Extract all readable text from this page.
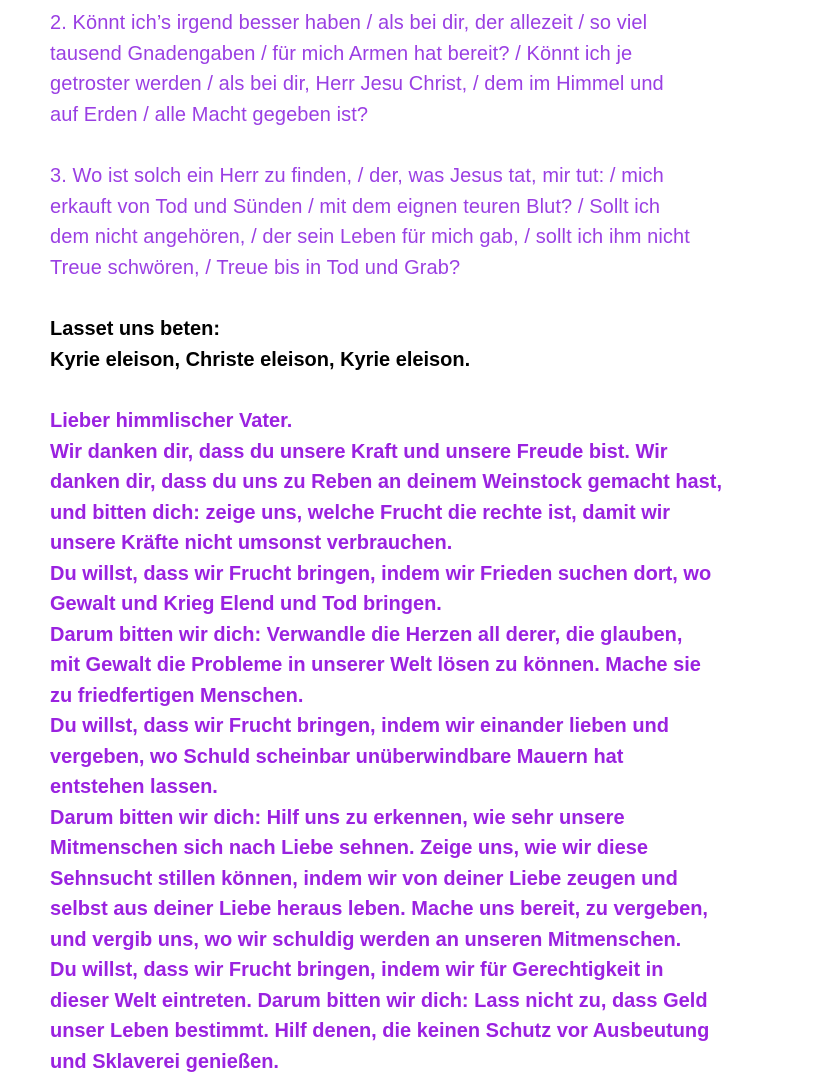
2. Könnt ich’s irgend besser haben / als bei dir, der allezeit / so viel
tausend Gnadengaben / für mich Armen hat bereit? / Könnt ich je
getroster werden / als bei dir, Herr Jesu Christ, / dem im Himmel und
auf Erden / alle Macht gegeben ist?
3. Wo ist solch ein Herr zu finden, / der, was Jesus tat, mir tut: / mich
erkauft von Tod und Sünden / mit dem eignen teuren Blut? / Sollt ich
dem nicht angehören, / der sein Leben für mich gab, / sollt ich ihm nicht
Treue schwören, / Treue bis in Tod und Grab?
Lasset uns beten:
Kyrie eleison, Christe eleison, Kyrie eleison.
Lieber himmlischer Vater.
Wir danken dir, dass du unsere Kraft und unsere Freude bist. Wir
danken dir, dass du uns zu Reben an deinem Weinstock gemacht hast,
und bitten dich: zeige uns, welche Frucht die rechte ist, damit wir
unsere Kräfte nicht umsonst verbrauchen.
Du willst, dass wir Frucht bringen, indem wir Frieden suchen dort, wo
Gewalt und Krieg Elend und Tod bringen.
Darum bitten wir dich: Verwandle die Herzen all derer, die glauben,
mit Gewalt die Probleme in unserer Welt lösen zu können. Mache sie
zu friedfertigen Menschen.
Du willst, dass wir Frucht bringen, indem wir einander lieben und
vergeben, wo Schuld scheinbar unüberwindbare Mauern hat
entstehen lassen.
Darum bitten wir dich: Hilf uns zu erkennen, wie sehr unsere
Mitmenschen sich nach Liebe sehnen. Zeige uns, wie wir diese
Sehnsucht stillen können, indem wir von deiner Liebe zeugen und
selbst aus deiner Liebe heraus leben. Mache uns bereit, zu vergeben,
und vergib uns, wo wir schuldig werden an unseren Mitmenschen.
Du willst, dass wir Frucht bringen, indem wir für Gerechtigkeit in
dieser Welt eintreten. Darum bitten wir dich: Lass nicht zu, dass Geld
unser Leben bestimmt. Hilf denen, die keinen Schutz vor Ausbeutung
und Sklaverei genießen.
